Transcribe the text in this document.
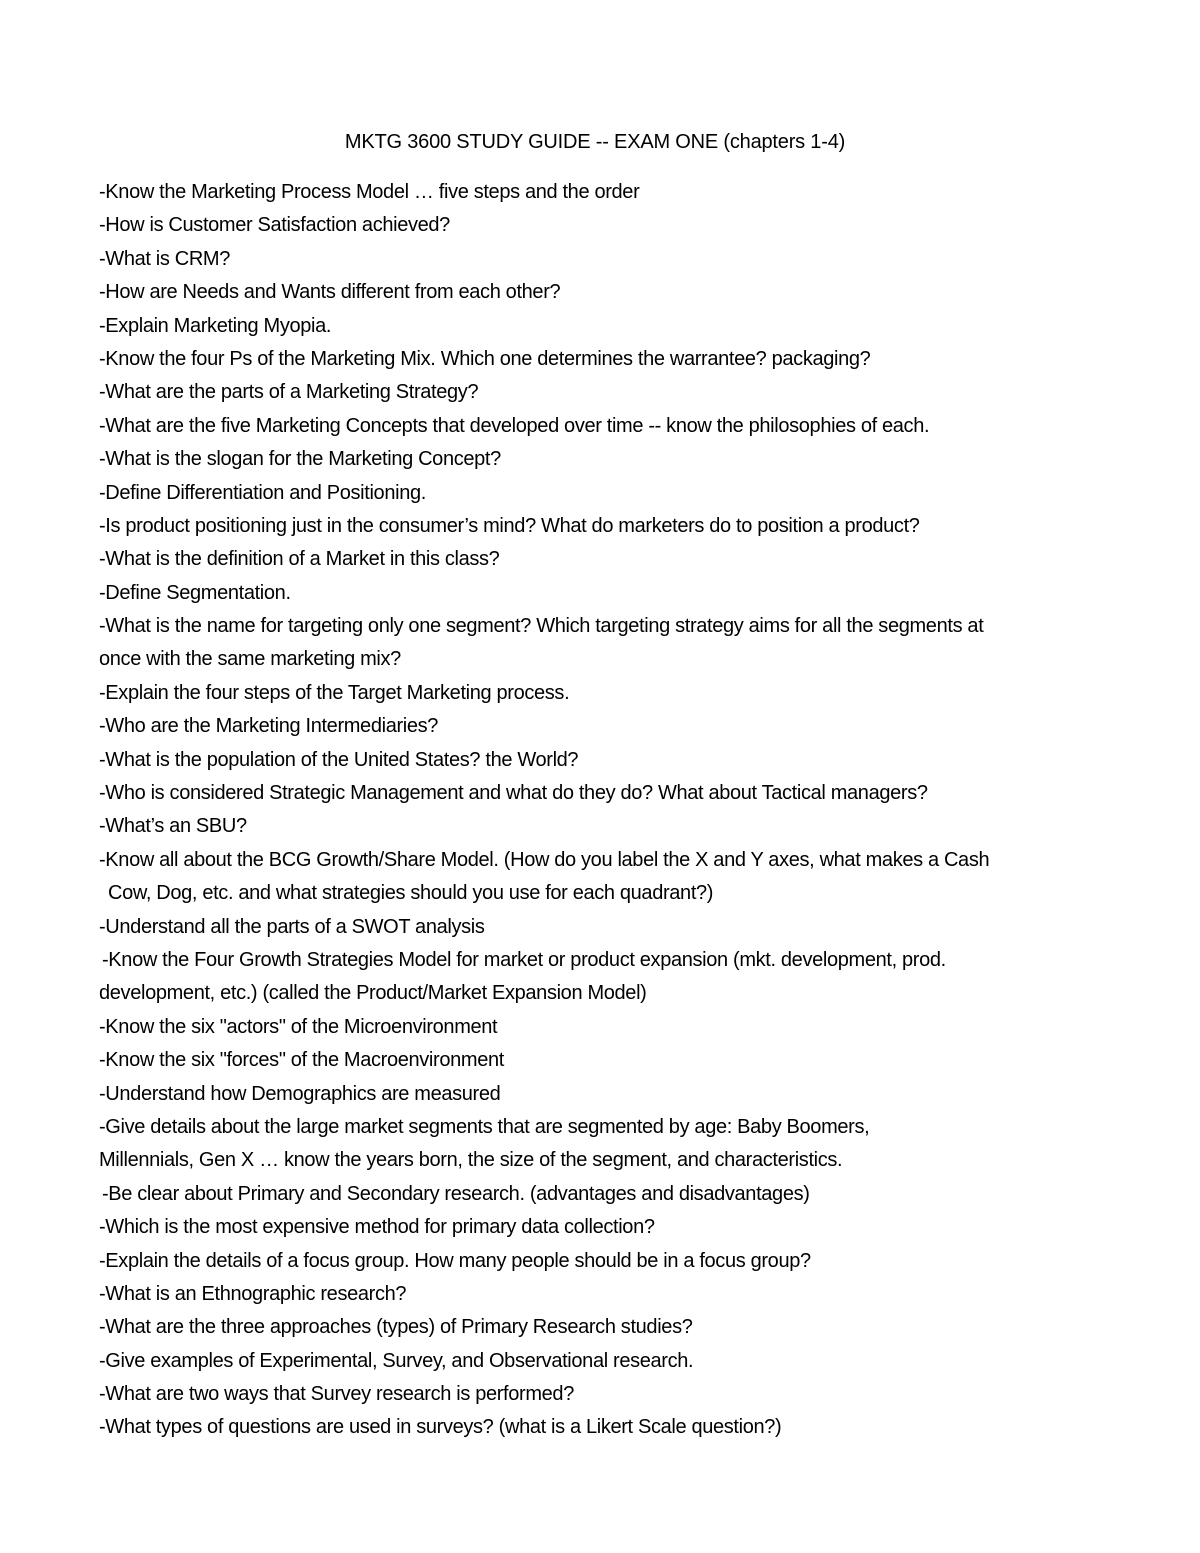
MKTG 3600 STUDY GUIDE -- EXAM ONE (chapters 1-4)
-Know the Marketing Process Model … five steps and the order
-How is Customer Satisfaction achieved?
-What is CRM?
-How are Needs and Wants different from each other?
-Explain Marketing Myopia.
-Know the four Ps of the Marketing Mix. Which one determines the warrantee? packaging?
-What are the parts of a Marketing Strategy?
-What are the five Marketing Concepts that developed over time -- know the philosophies of each.
-What is the slogan for the Marketing Concept?
-Define Differentiation and Positioning.
-Is product positioning just in the consumer’s mind? What do marketers do to position a product?
-What is the definition of a Market in this class?
-Define Segmentation.
-What is the name for targeting only one segment? Which targeting strategy aims for all the segments at
once with the same marketing mix?
-Explain the four steps of the Target Marketing process.
-Who are the Marketing Intermediaries?
-What is the population of the United States? the World?
-Who is considered Strategic Management and what do they do? What about Tactical managers?
-What’s an SBU?
-Know all about the BCG Growth/Share Model. (How do you label the X and Y axes, what makes a Cash
Cow, Dog, etc. and what strategies should you use for each quadrant?)
-Understand all the parts of a SWOT analysis
-Know the Four Growth Strategies Model for market or product expansion (mkt. development, prod.
development, etc.) (called the Product/Market Expansion Model)
-Know the six "actors" of the Microenvironment
-Know the six "forces" of the Macroenvironment
-Understand how Demographics are measured
-Give details about the large market segments that are segmented by age: Baby Boomers,
Millennials, Gen X … know the years born, the size of the segment, and characteristics.
-Be clear about Primary and Secondary research. (advantages and disadvantages)
-Which is the most expensive method for primary data collection?
-Explain the details of a focus group. How many people should be in a focus group?
-What is an Ethnographic research?
-What are the three approaches (types) of Primary Research studies?
-Give examples of Experimental, Survey, and Observational research.
-What are two ways that Survey research is performed?
-What types of questions are used in surveys? (what is a Likert Scale question?)
